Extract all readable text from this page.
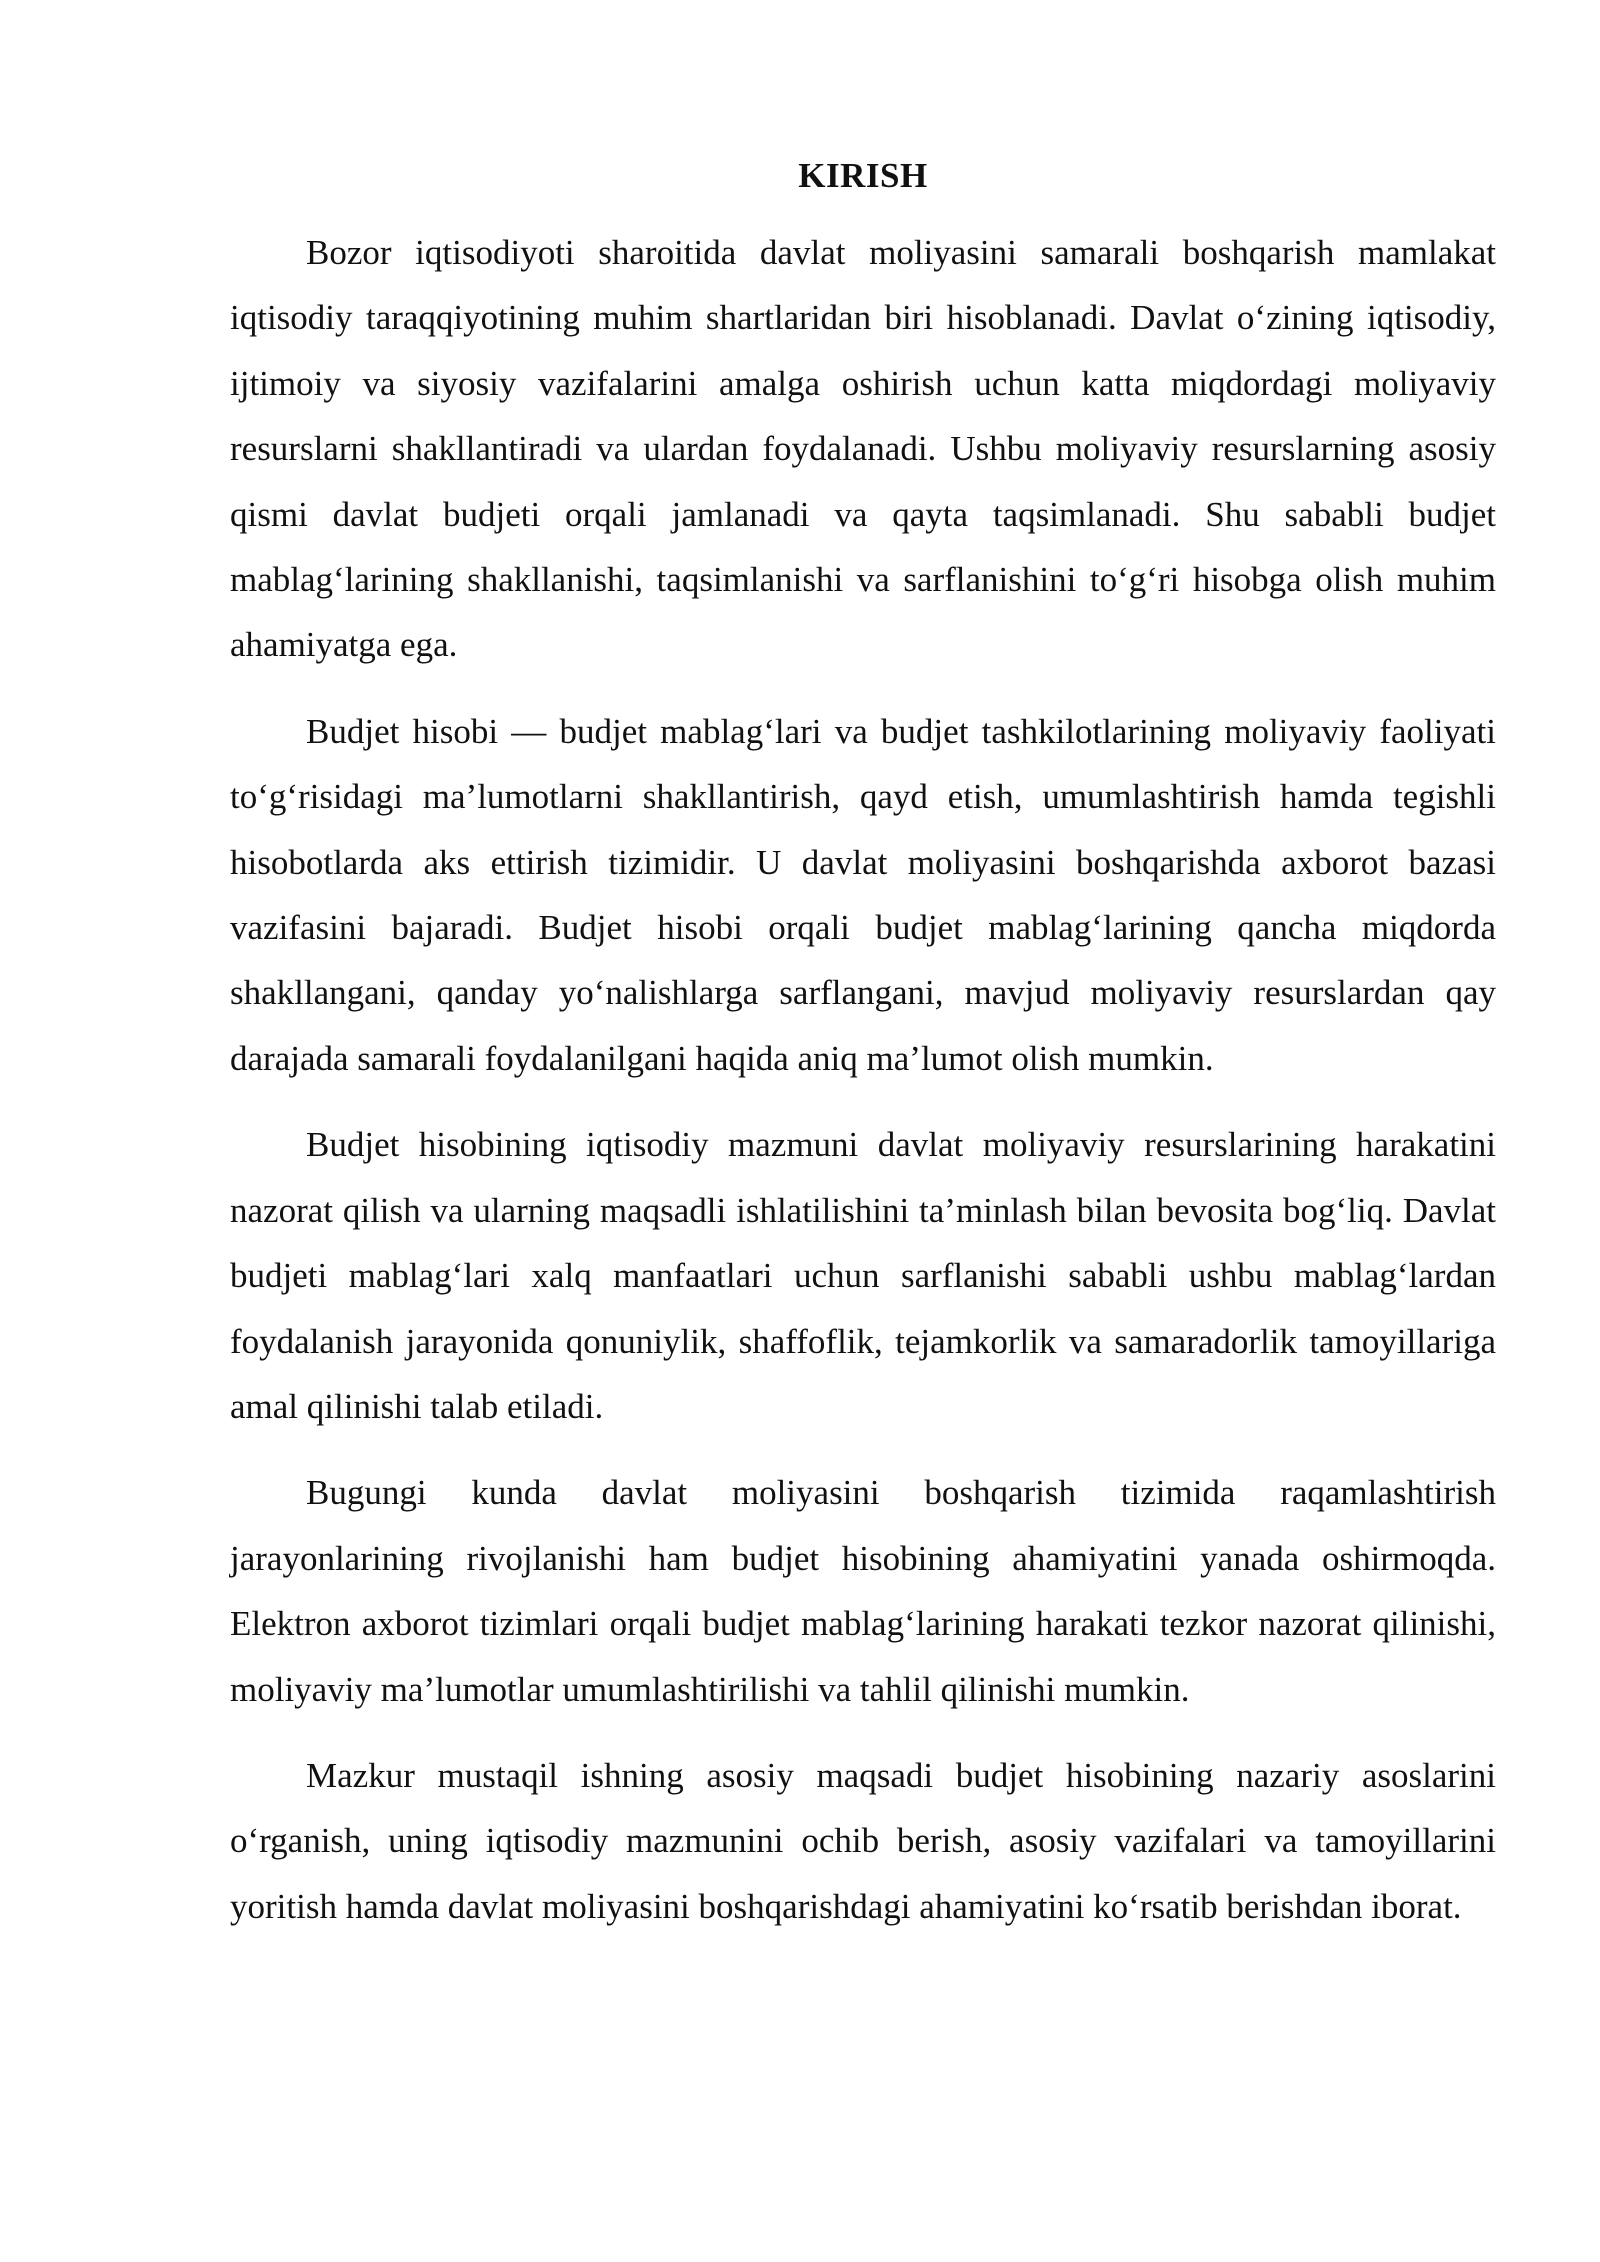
KIRISH

Bozor iqtisodiyoti sharoitida davlat moliyasini samarali boshqarish mamlakat iqtisodiy taraqqiyotining muhim shartlaridan biri hisoblanadi. Davlat o‘zining iqtisodiy, ijtimoiy va siyosiy vazifalarini amalga oshirish uchun katta miqdordagi moliyaviy resurslarni shakllantiradi va ulardan foydalanadi. Ushbu moliyaviy resurslarning asosiy qismi davlat budjeti orqali jamlanadi va qayta taqsimlanadi. Shu sababli budjet mablag‘larining shakllanishi, taqsimlanishi va sarflanishini to‘g‘ri hisobga olish muhim ahamiyatga ega.

Budjet hisobi — budjet mablag‘lari va budjet tashkilotlarining moliyaviy faoliyati to‘g‘risidagi ma’lumotlarni shakllantirish, qayd etish, umumlashtirish hamda tegishli hisobotlarda aks ettirish tizimidir. U davlat moliyasini boshqarishda axborot bazasi vazifasini bajaradi. Budjet hisobi orqali budjet mablag‘larining qancha miqdorda shakllangani, qanday yo‘nalishlarga sarflangani, mavjud moliyaviy resurslardan qay darajada samarali foydalanilgani haqida aniq ma’lumot olish mumkin.

Budjet hisobining iqtisodiy mazmuni davlat moliyaviy resurslarining harakatini nazorat qilish va ularning maqsadli ishlatilishini ta’minlash bilan bevosita bog‘liq. Davlat budjeti mablag‘lari xalq manfaatlari uchun sarflanishi sababli ushbu mablag‘lardan foydalanish jarayonida qonuniylik, shaffoflik, tejamkorlik va samaradorlik tamoyillariga amal qilinishi talab etiladi.

Bugungi kunda davlat moliyasini boshqarish tizimida raqamlashtirish jarayonlarining rivojlanishi ham budjet hisobining ahamiyatini yanada oshirmoqda. Elektron axborot tizimlari orqali budjet mablag‘larining harakati tezkor nazorat qilinishi, moliyaviy ma’lumotlar umumlashtirilishi va tahlil qilinishi mumkin.

Mazkur mustaqil ishning asosiy maqsadi budjet hisobining nazariy asoslarini o‘rganish, uning iqtisodiy mazmunini ochib berish, asosiy vazifalari va tamoyillarini yoritish hamda davlat moliyasini boshqarishdagi ahamiyatini ko‘rsatib berishdan iborat.
